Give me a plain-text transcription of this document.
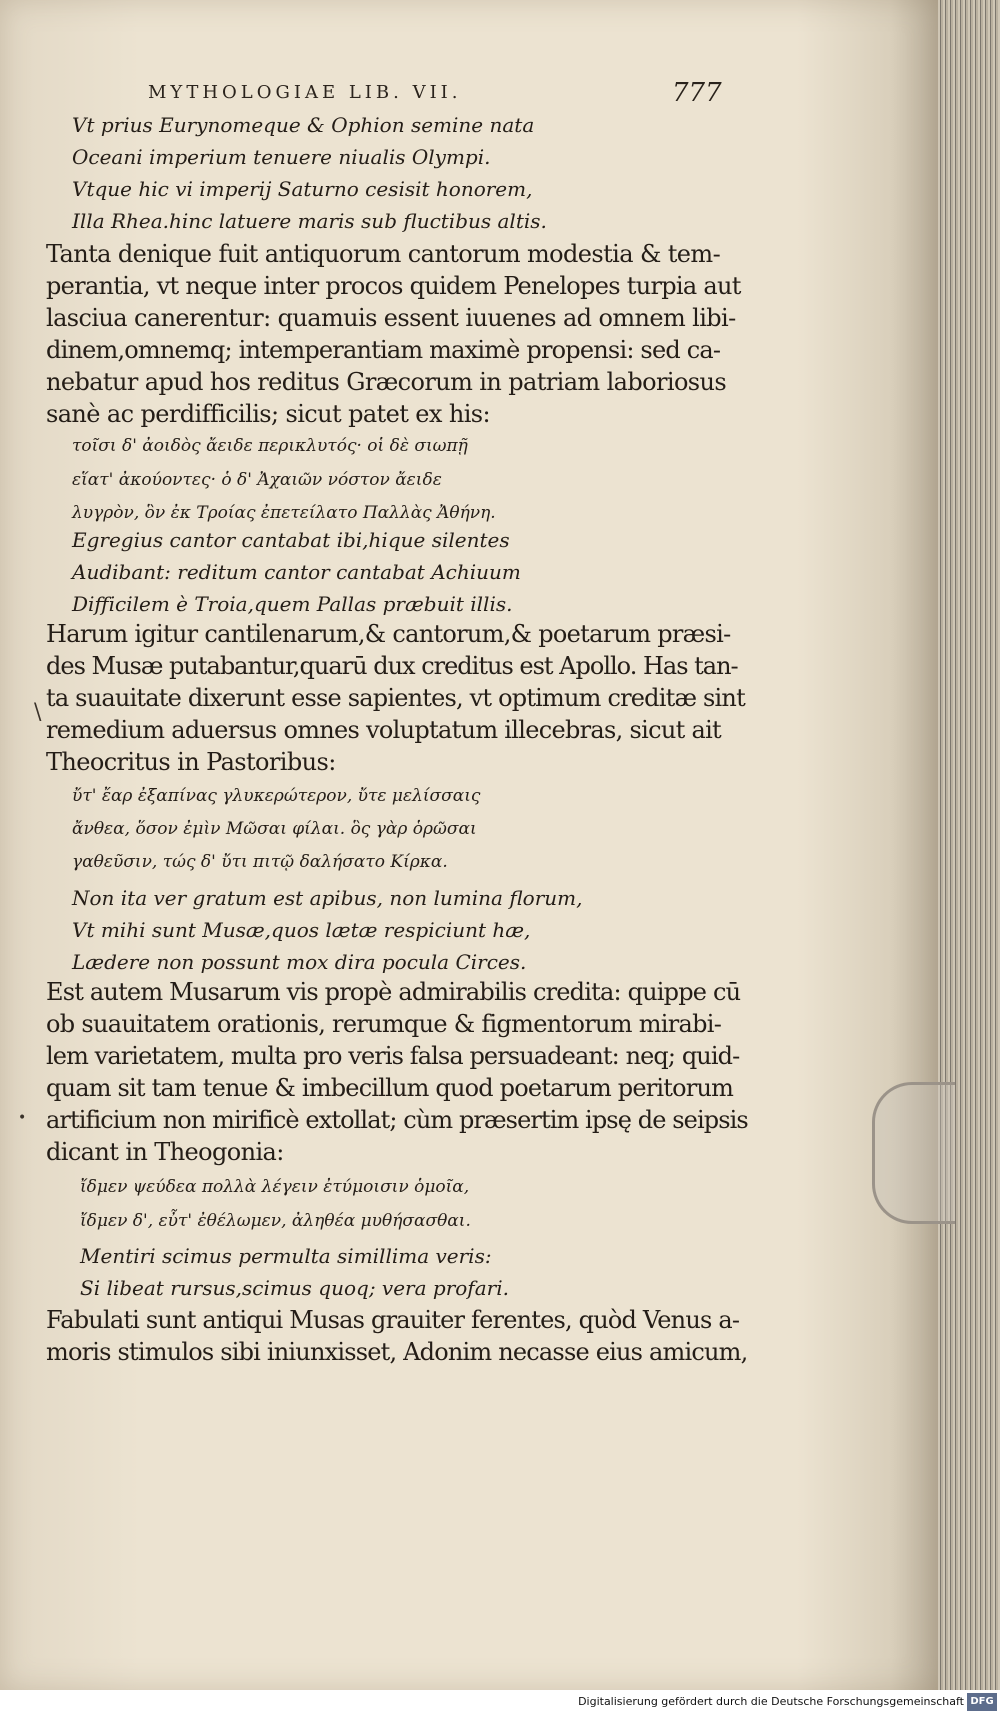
MYTHOLOGIAE LIB. VII.	777
Vt prius Eurynomeque & Ophion semine nata
Oceani imperium tenuere niualis Olympi.
Vtque hic vi imperij Saturno cesisit honorem,
Illa Rhea.hinc latuere maris sub fluctibus altis.
Tanta denique fuit antiquorum cantorum modestia & tem-
perantia, vt neque inter procos quidem Penelopes turpia aut
lasciua canerentur: quamuis essent iuuenes ad omnem libi-
dinem,omnemq; intemperantiam maximè propensi: sed ca-
nebatur apud hos reditus Græcorum in patriam laboriosus
sanè ac perdifficilis; sicut patet ex his:
τοῖσι δ' ἀοιδὸς ἄειδε περικλυτός· οἱ δὲ σιωπῇ
εἵατ' ἀκούοντες· ὁ δ' Ἀχαιῶν νόστον ἄειδε
λυγρὸν, ὃν ἐκ Τροίας ἐπετείλατο Παλλὰς Ἀθήνη.
Egregius cantor cantabat ibi,hique silentes
Audibant: reditum cantor cantabat Achiuum
Difficilem è Troia,quem Pallas præbuit illis.
Harum igitur cantilenarum,& cantorum,& poetarum præsi-
des Musæ putabantur,quarū dux creditus est Apollo. Has tan-
ta suauitate dixerunt esse sapientes, vt optimum creditæ sint
\
remedium aduersus omnes voluptatum illecebras, sicut ait
Theocritus in Pastoribus:
ὔτ' ἔαρ ἐξαπίνας γλυκερώτερον, ὔτε μελίσσαις
ἄνθεα, ὅσον ἐμὶν Μῶσαι φίλαι. ὃς γὰρ ὁρῶσαι
γαθεῦσιν, τώς δ' ὔτι πιτῷ δαλήσατο Κίρκα.
Non ita ver gratum est apibus, non lumina florum,
Vt mihi sunt Musæ,quos lætæ respiciunt hæ,
Lædere non possunt mox dira pocula Circes.
Est autem Musarum vis propè admirabilis credita: quippe cū
ob suauitatem orationis, rerumque & figmentorum mirabi-
lem varietatem, multa pro veris falsa persuadeant: neq; quid-
quam sit tam tenue & imbecillum quod poetarum peritorum
• artificium non mirificè extollat; cùm præsertim ipsę de seipsis
dicant in Theogonia:
ἴδμεν ψεύδεα πολλὰ λέγειν ἐτύμοισιν ὁμοῖα,
ἴδμεν δ', εὖτ' ἐθέλωμεν, ἀληθέα μυθήσασθαι.
Mentiri scimus permulta simillima veris:
Si libeat rursus,scimus quoq; vera profari.
Fabulati sunt antiqui Musas grauiter ferentes, quòd Venus a-
moris stimulos sibi iniunxisset, Adonim necasse eius amicum,
Digitalisierung gefördert durch die Deutsche Forschungsgemeinschaft DFG
